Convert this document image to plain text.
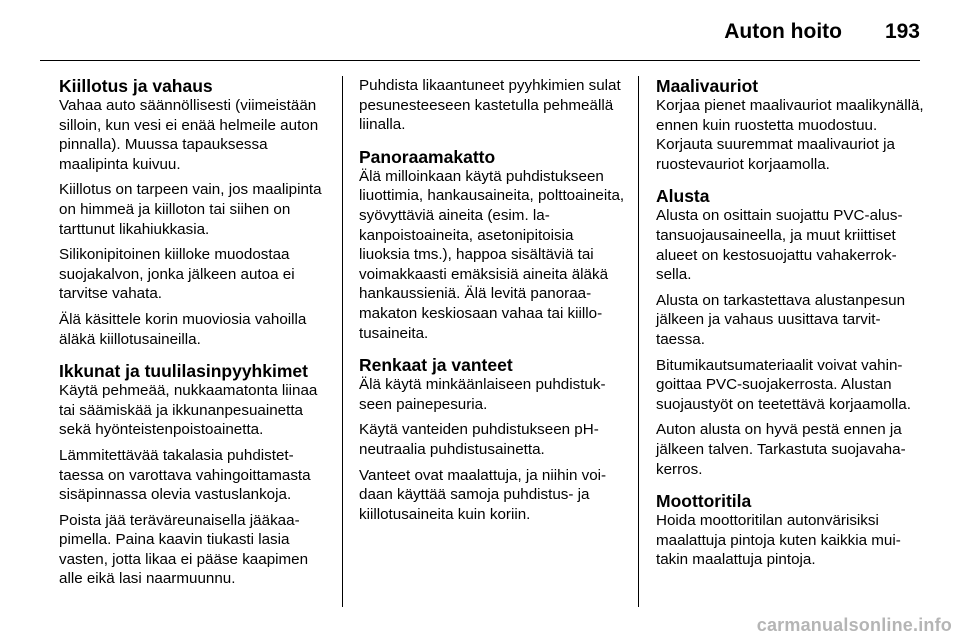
Auton hoito 193
Kiillotus ja vahaus

Vahaa auto säännöllisesti (viimeistään silloin, kun vesi ei enää helmeile auton pinnalla). Muussa tapauksessa maalipinta kuivuu.

Kiillotus on tarpeen vain, jos maalipinta on himmeä ja kiilloton tai siihen on tarttunut likahiukkasia.

Silikonipitoinen kiilloke muodostaa suojakalvon, jonka jälkeen autoa ei tarvitse vahata.

Älä käsittele korin muoviosia vahoilla äläkä kiillotusaineilla.

Ikkunat ja tuulilasinpyyhkimet

Käytä pehmeää, nukkaamatonta liinaa tai säämiskää ja ikkunanpesuainetta sekä hyönteistenpoistoainetta.

Lämmitettävää takalasia puhdistettaessa on varottava vahingoittamasta sisäpinnassa olevia vastuslankoja.

Poista jää teräväreunaisella jääkaapimella. Paina kaavin tiukasti lasia vasten, jotta likaa ei pääse kaapimen alle eikä lasi naarmuunnu.

Puhdista likaantuneet pyyhkimien sulat pesunesteeseen kastetulla pehmeällä liinalla.

Panoraamakatto

Älä milloinkaan käytä puhdistukseen liuottimia, hankausaineita, polttoaineita, syövyttäviä aineita (esim. lakanpoistoaineita, asetonipitoisia liuoksia tms.), happoa sisältäviä tai voimakkaasti emäksisiä aineita äläkä hankaussieniä. Älä levitä panoraamakaton keskiosaan vahaa tai kiillotusaineita.

Renkaat ja vanteet

Älä käytä minkäänlaiseen puhdistukseen painepesuria.

Käytä vanteiden puhdistukseen pH-neutraalia puhdistusainetta.

Vanteet ovat maalattuja, ja niihin voidaan käyttää samoja puhdistus- ja kiillotusaineita kuin koriin.

Maalivauriot

Korjaa pienet maalivauriot maalikynällä, ennen kuin ruostetta muodostuu. Korjauta suuremmat maalivauriot ja ruostevauriot korjaamolla.

Alusta

Alusta on osittain suojattu PVC-alustansuojausaineella, ja muut kriittiset alueet on kestosuojattu vahakerroksella.

Alusta on tarkastettava alustanpesun jälkeen ja vahaus uusittava tarvittaessa.

Bitumikautsumateriaalit voivat vahingoittaa PVC-suojakerrosta. Alustan suojaustyöt on teetettävä korjaamolla.

Auton alusta on hyvä pestä ennen ja jälkeen talven. Tarkastuta suojavahakerros.

Moottoritila

Hoida moottoritilan autonvärisiksi maalattuja pintoja kuten kaikkia muitakin maalattuja pintoja.

carmanualsonline.info
